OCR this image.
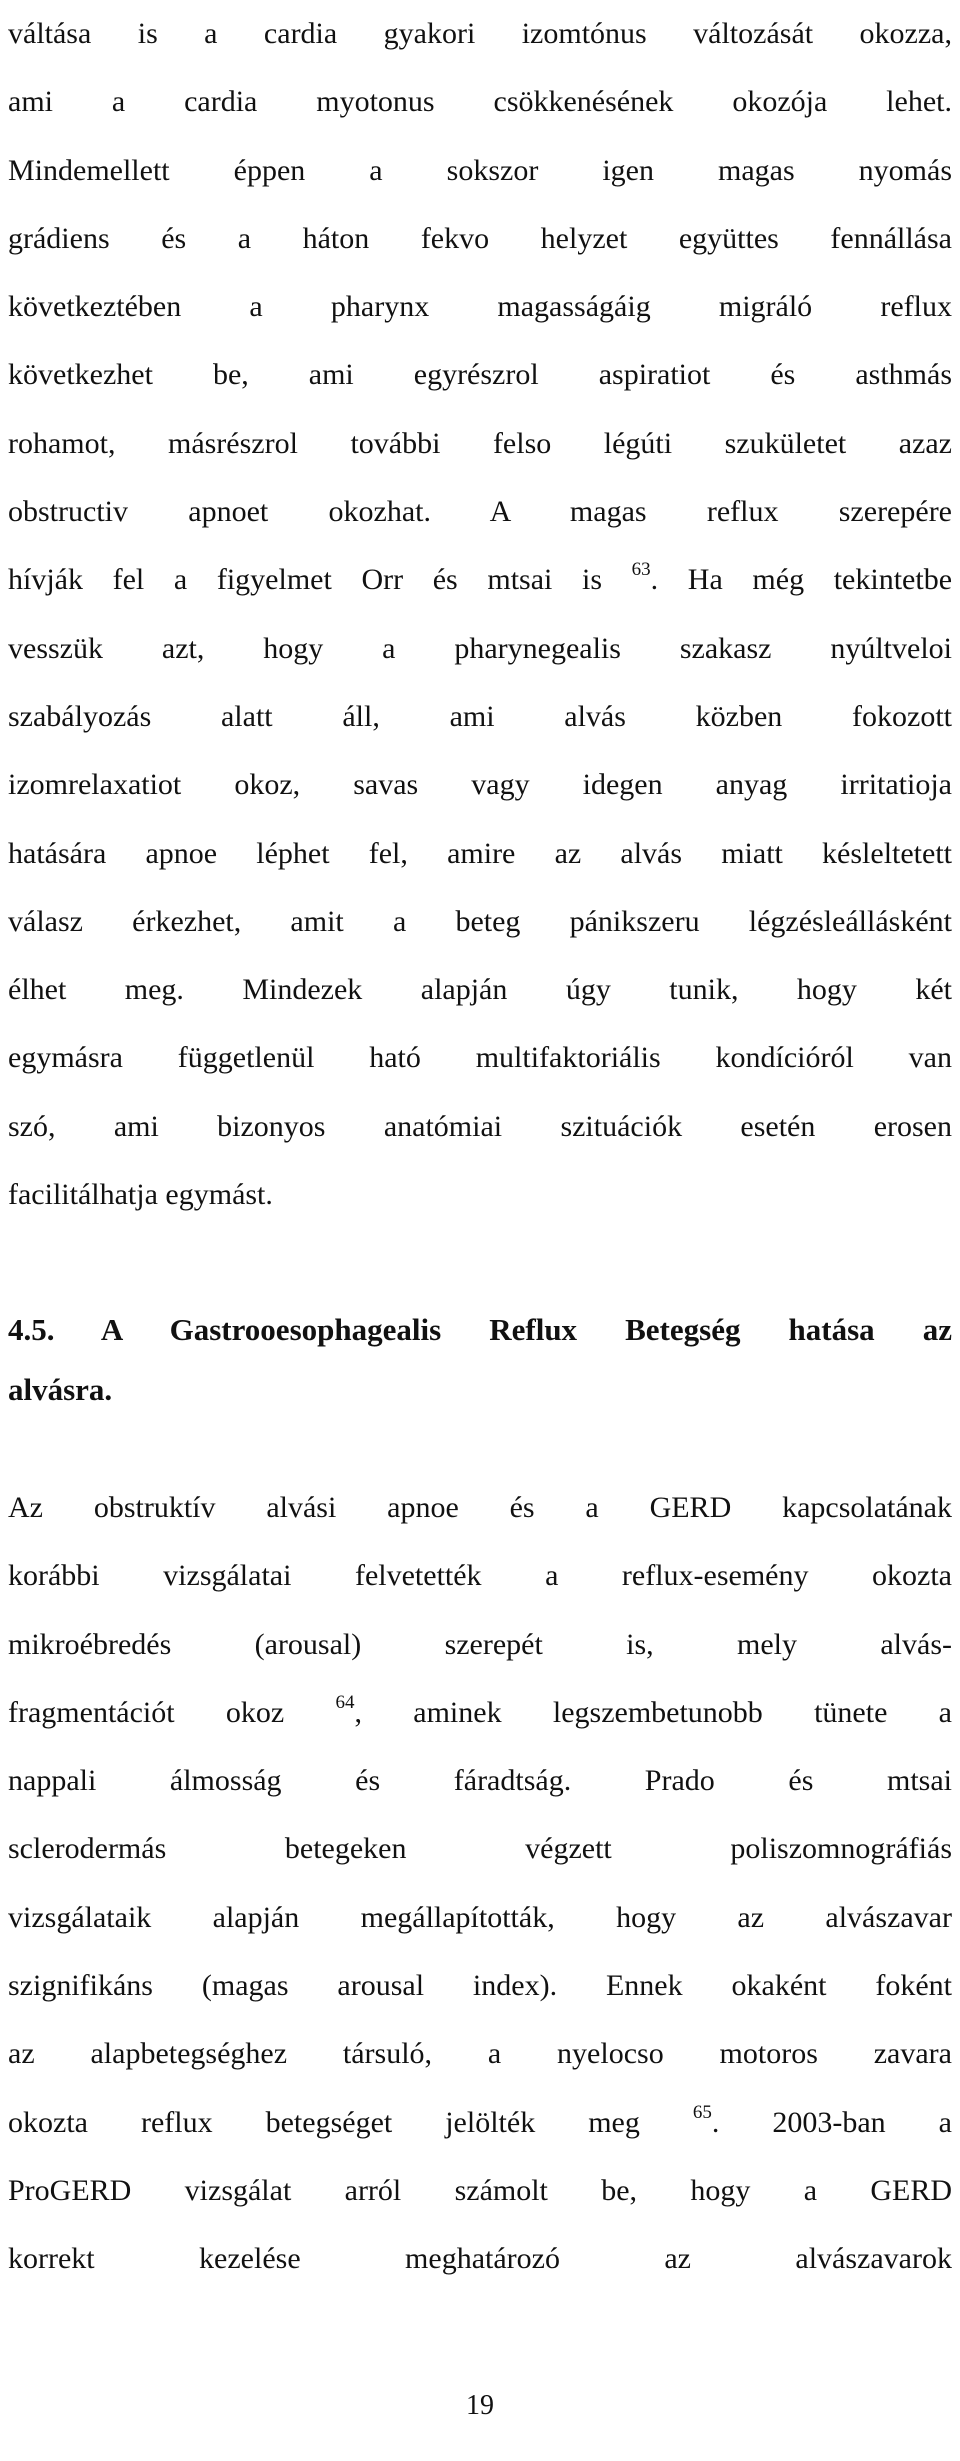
váltása is a cardia gyakori izomtónus változását okozza,
ami a cardia myotonus csökkenésének okozója lehet.
Mindemellett éppen a sokszor igen magas nyomás
grádiens és a háton fekvo helyzet együttes fennállása
következtében a pharynx magasságáig migráló reflux
következhet be, ami egyrészrol aspiratiot és asthmás
rohamot, másrészrol további felso légúti szukületet azaz
obstructiv apnoet okozhat. A magas reflux szerepére
hívják fel a figyelmet Orr és mtsai is $^{63}$. Ha még tekintetbe
vesszük azt, hogy a pharynegealis szakasz nyúltveloi
szabályozás alatt áll, ami alvás közben fokozott
izomrelaxatiot okoz, savas vagy idegen anyag irritatioja
hatására apnoe léphet fel, amire az alvás miatt késleltetett
válasz érkezhet, amit a beteg pánikszeru légzésleállásként
élhet meg. Mindezek alapján úgy tunik, hogy két
egymásra függetlenül ható multifaktoriális kondícióról van
szó, ami bizonyos anatómiai szituációk esetén erosen
facilitálhatja egymást.
4.5. A Gastrooesophagealis Reflux Betegség hatása az
alvásra.
Az obstruktív alvási apnoe és a GERD kapcsolatának
korábbi vizsgálatai felvetették a reflux-esemény okozta
mikroébredés (arousal) szerepét is, mely alvás-
fragmentációt okoz $^{64}$, aminek legszembetunobb tünete a
nappali álmosság és fáradtság. Prado és mtsai
sclerodermás betegeken végzett poliszomnográfiás
vizsgálataik alapján megállapították, hogy az alvászavar
szignifikáns (magas arousal index). Ennek okaként foként
az alapbetegséghez társuló, a nyelocso motoros zavara
okozta reflux betegséget jelölték meg $^{65}$. 2003-ban a
ProGERD vizsgálat arról számolt be, hogy a GERD
korrekt kezelése meghatározó az alvászavarok
19
